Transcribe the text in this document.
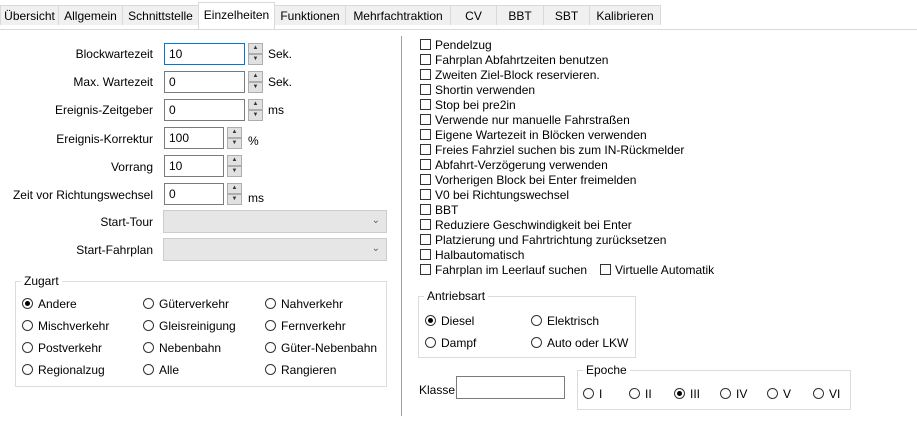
Übersicht Allgemein Schnittstelle Einzelheiten Funktionen	Mehrfachtraktion	CV	BBT	SBT	Kalibrieren
Blockwartezeit	10	▲
▼ Sek.
Max. Wartezeit	0	▲
▼ Sek.
Ereignis-Zeitgeber	0	▲
▼ ms
Ereignis-Korrektur	100	▲
▼ %
Vorrang	10	▲
▼
Zeit vor Richtungswechsel	0	▲
▼ ms
Start-Tour	⌄
Start-Fahrplan	⌄
Zugart
Andere	Güterverkehr	Nahverkehr
Mischverkehr	Gleisreinigung	Fernverkehr
Postverkehr	Nebenbahn	Güter-Nebenbahn
Regionalzug	Alle	Rangieren
Pendelzug
Fahrplan Abfahrtzeiten benutzen
Zweiten Ziel-Block reservieren.
Shortin verwenden
Stop bei pre2in
Verwende nur manuelle Fahrstraßen
Eigene Wartezeit in Blöcken verwenden
Freies Fahrziel suchen bis zum IN-Rückmelder
Abfahrt-Verzögerung verwenden
Vorherigen Block bei Enter freimelden
V0 bei Richtungswechsel
BBT
Reduziere Geschwindigkeit bei Enter
Platzierung und Fahrtrichtung zurücksetzen
Halbautomatisch
Fahrplan im Leerlauf suchen Virtuelle Automatik
Antriebsart
Diesel	Elektrisch
Dampf	Auto oder LKW
Klasse
Epoche
I	II	III	IV	V	VI
